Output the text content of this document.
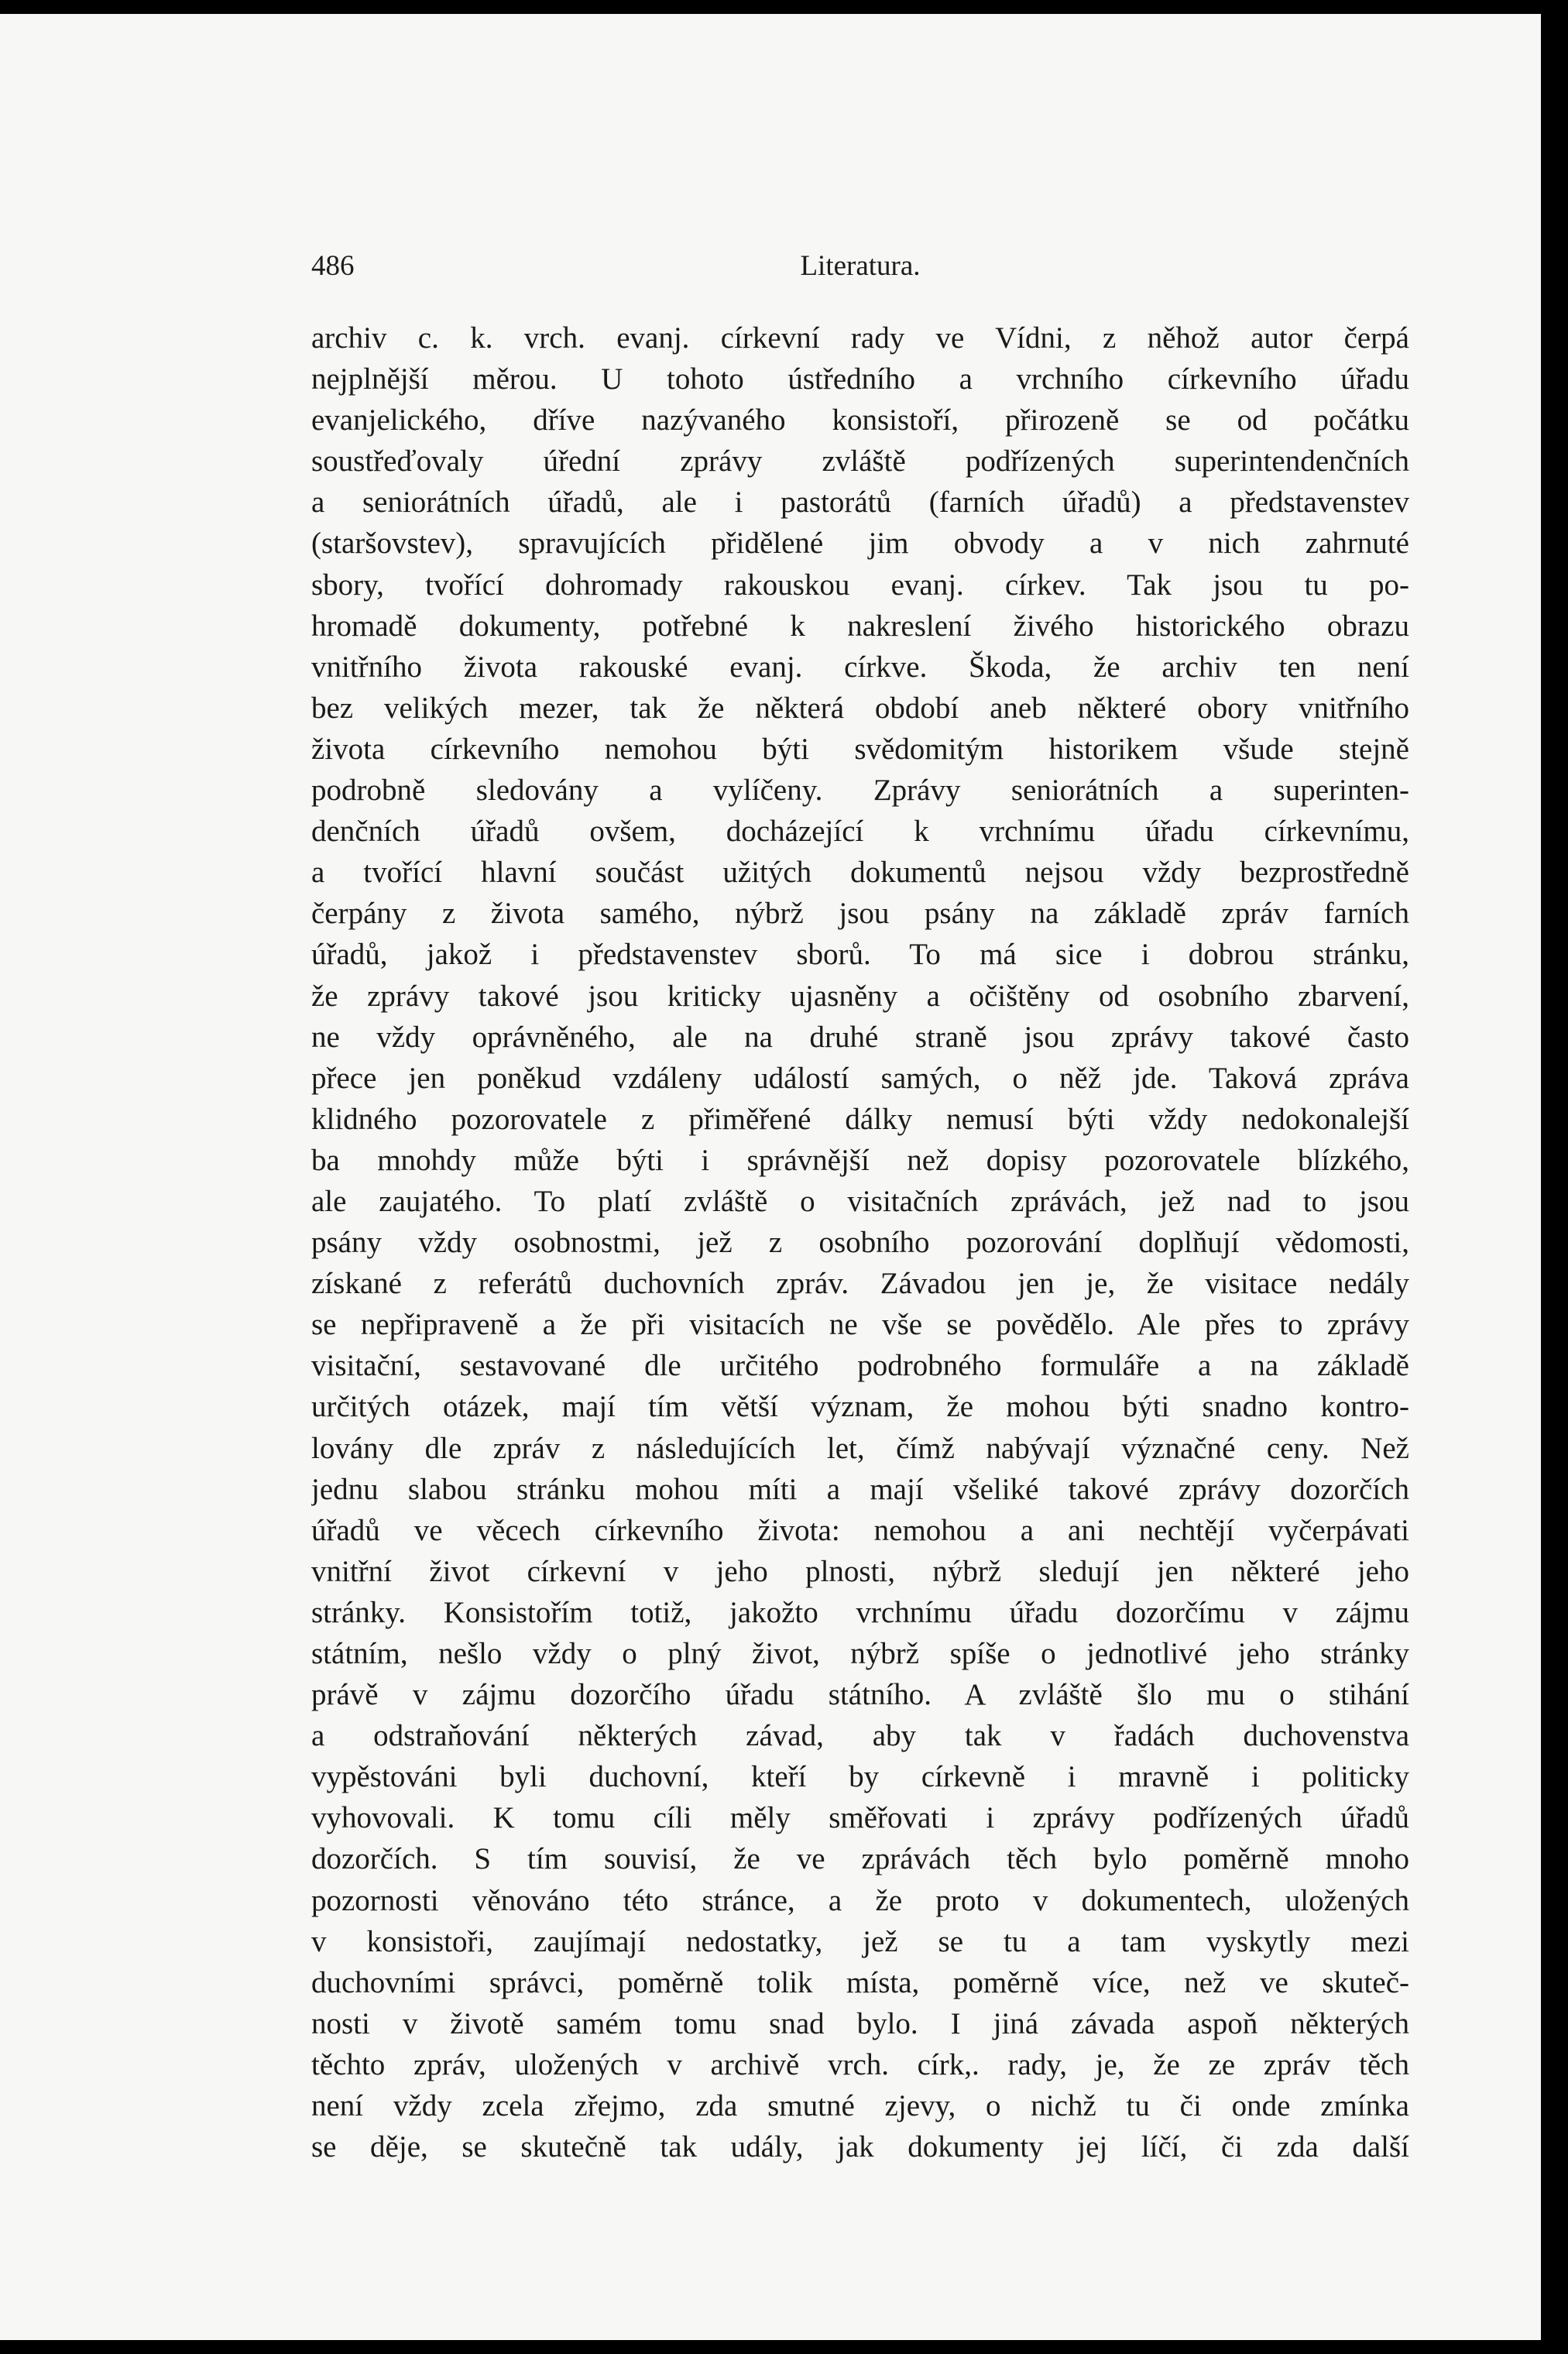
486	Literatura.
archiv c. k. vrch. evanj. církevní rady ve Vídni, z něhož autor čerpá
nejplnější měrou. U tohoto ústředního a vrchního církevního úřadu
evanjelického, dříve nazývaného konsistoří, přirozeně se od počátku
soustřeďovaly úřední zprávy zvláště podřízených superintendenčních
a seniorátních úřadů, ale i pastorátů (farních úřadů) a představenstev
(staršovstev), spravujících přidělené jim obvody a v nich zahrnuté
sbory, tvořící dohromady rakouskou evanj. církev. Tak jsou tu po-
hromadě dokumenty, potřebné k nakreslení živého historického obrazu
vnitřního života rakouské evanj. církve. Škoda, že archiv ten není
bez velikých mezer, tak že některá období aneb některé obory vnitřního
života církevního nemohou býti svědomitým historikem všude stejně
podrobně sledovány a vylíčeny. Zprávy seniorátních a superinten-
denčních úřadů ovšem, docházející k vrchnímu úřadu církevnímu,
a tvořící hlavní součást užitých dokumentů nejsou vždy bezprostředně
čerpány z života samého, nýbrž jsou psány na základě zpráv farních
úřadů, jakož i představenstev sborů. To má sice i dobrou stránku,
že zprávy takové jsou kriticky ujasněny a očištěny od osobního zbarvení,
ne vždy oprávněného, ale na druhé straně jsou zprávy takové často
přece jen poněkud vzdáleny událostí samých, o něž jde. Taková zpráva
klidného pozorovatele z přiměřené dálky nemusí býti vždy nedokonalejší
ba mnohdy může býti i správnější než dopisy pozorovatele blízkého,
ale zaujatého. To platí zvláště o visitačních zprávách, jež nad to jsou
psány vždy osobnostmi, jež z osobního pozorování doplňují vědomosti,
získané z referátů duchovních zpráv. Závadou jen je, že visitace nedály
se nepřipraveně a že při visitacích ne vše se povědělo. Ale přes to zprávy
visitační, sestavované dle určitého podrobného formuláře a na základě
určitých otázek, mají tím větší význam, že mohou býti snadno kontro-
lovány dle zpráv z následujících let, čímž nabývají význačné ceny. Než
jednu slabou stránku mohou míti a mají všeliké takové zprávy dozorčích
úřadů ve věcech církevního života: nemohou a ani nechtějí vyčerpávati
vnitřní život církevní v jeho plnosti, nýbrž sledují jen některé jeho
stránky. Konsistořím totiž, jakožto vrchnímu úřadu dozorčímu v zájmu
státním, nešlo vždy o plný život, nýbrž spíše o jednotlivé jeho stránky
právě v zájmu dozorčího úřadu státního. A zvláště šlo mu o stihání
a odstraňování některých závad, aby tak v řadách duchovenstva
vypěstováni byli duchovní, kteří by církevně i mravně i politicky
vyhovovali. K tomu cíli měly směřovati i zprávy podřízených úřadů
dozorčích. S tím souvisí, že ve zprávách těch bylo poměrně mnoho
pozornosti věnováno této stránce, a že proto v dokumentech, uložených
v konsistoři, zaujímají nedostatky, jež se tu a tam vyskytly mezi
duchovními správci, poměrně tolik místa, poměrně více, než ve skuteč-
nosti v životě samém tomu snad bylo. I jiná závada aspoň některých
těchto zpráv, uložených v archivě vrch. círk,. rady, je, že ze zpráv těch
není vždy zcela zřejmo, zda smutné zjevy, o nichž tu či onde zmínka
se děje, se skutečně tak udály, jak dokumenty jej líčí, či zda další
